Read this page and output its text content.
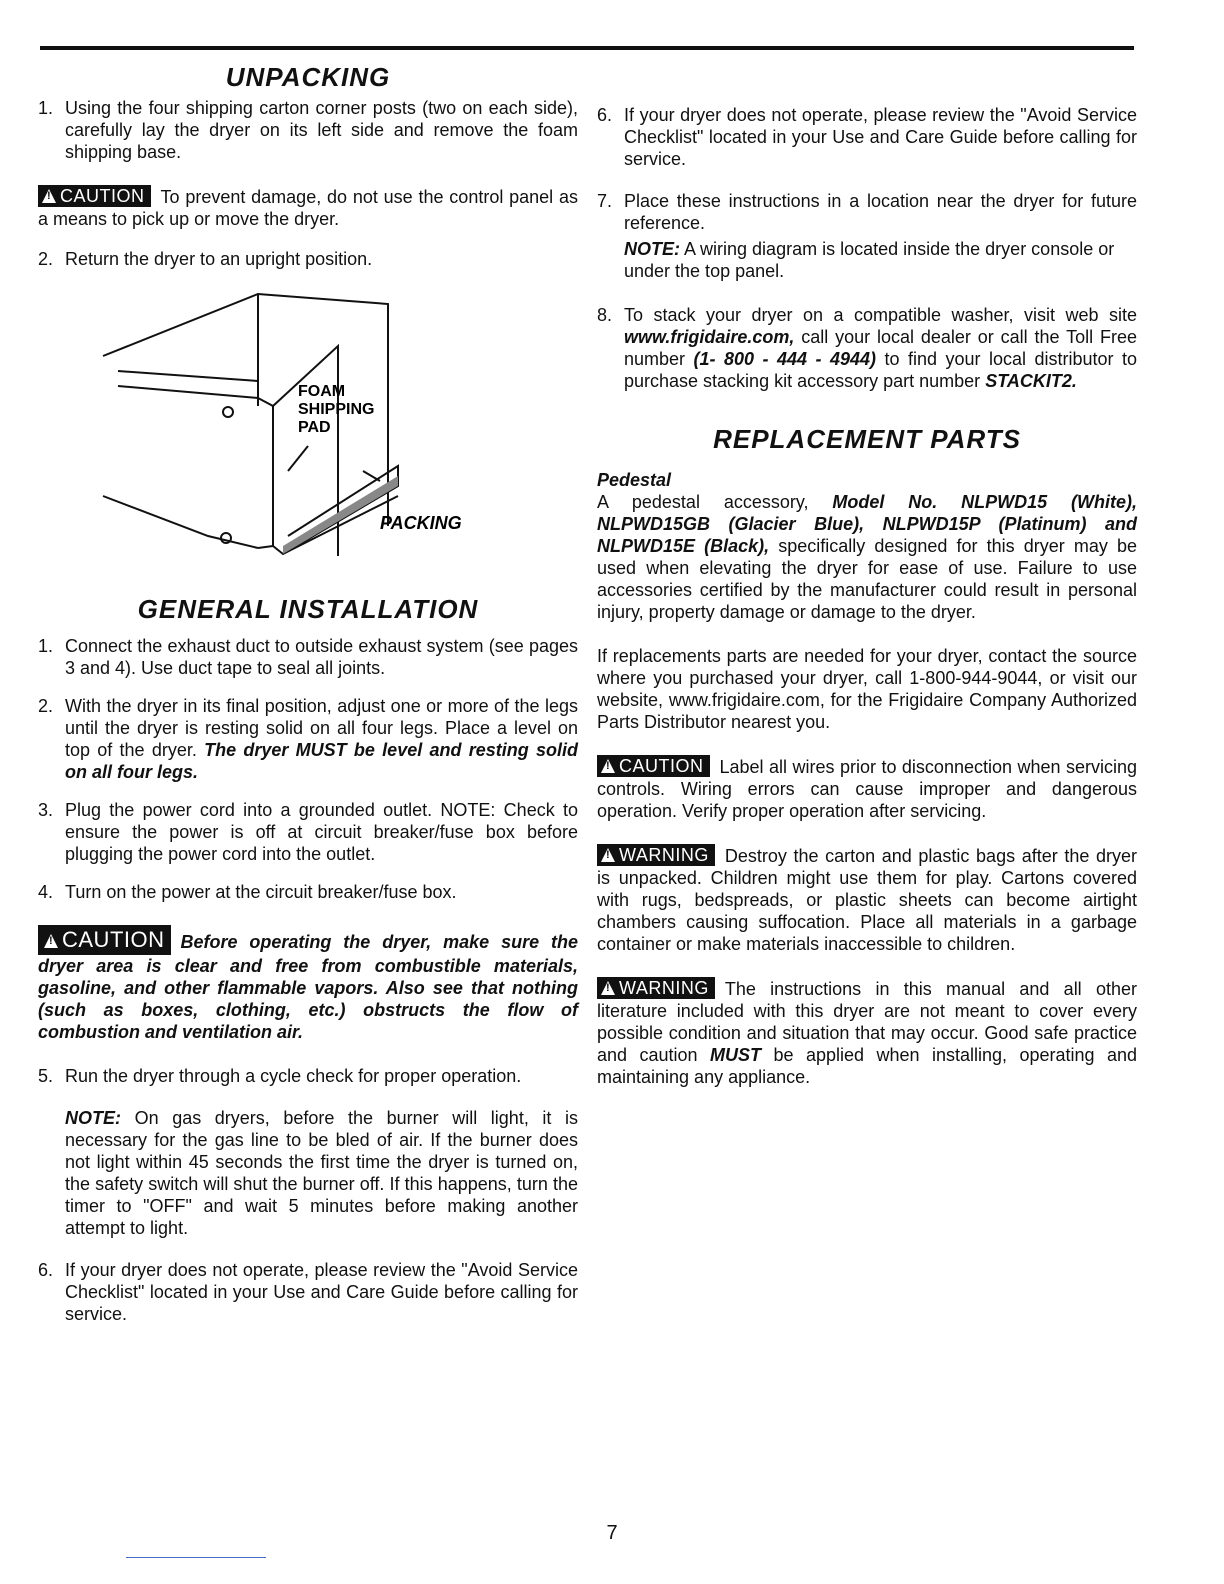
UNPACKING
1. Using the four shipping carton corner posts (two on each side), carefully lay the dryer on its left side and remove the foam shipping base.

!CAUTION To prevent damage, do not use the control panel as a means to pick up or move the dryer.

2. Return the dryer to an upright position.
FOAM
SHIPPING
PAD
PACKING
GENERAL INSTALLATION
1. Connect the exhaust duct to outside exhaust system (see pages 3 and 4). Use duct tape to seal all joints.
2. With the dryer in its final position, adjust one or more of the legs until the dryer is resting solid on all four legs. Place a level on top of the dryer. The dryer MUST be level and resting solid on all four legs.
3. Plug the power cord into a grounded outlet. NOTE: Check to ensure the power is off at circuit breaker/fuse box before plugging the power cord into the outlet.
4. Turn on the power at the circuit breaker/fuse box.

!CAUTION Before operating the dryer, make sure the dryer area is clear and free from combustible materials, gasoline, and other flammable vapors. Also see that nothing (such as boxes, clothing, etc.) obstructs the flow of combustion and ventilation air.

5. Run the dryer through a cycle check for proper operation.

NOTE: On gas dryers, before the burner will light, it is necessary for the gas line to be bled of air. If the burner does not light within 45 seconds the first time the dryer is turned on, the safety switch will shut the burner off. If this happens, turn the timer to "OFF" and wait 5 minutes before making another attempt to light.

6. If your dryer does not operate, please review the "Avoid Service Checklist" located in your Use and Care Guide before calling for service.
6. If your dryer does not operate, please review the "Avoid Service Checklist" located in your Use and Care Guide before calling for service.
7. Place these instructions in a location near the dryer for future reference.

NOTE: A wiring diagram is located inside the dryer console or under the top panel.

8. To stack your dryer on a compatible washer, visit web site www.frigidaire.com, call your local dealer or call the Toll Free number (1- 800 - 444 - 4944) to find your local distributor to purchase stacking kit accessory part number STACKIT2.
REPLACEMENT PARTS
Pedestal

A pedestal accessory, Model No. NLPWD15 (White), NLPWD15GB (Glacier Blue), NLPWD15P (Platinum) and NLPWD15E (Black), specifically designed for this dryer may be used when elevating the dryer for ease of use. Failure to use accessories certified by the manufacturer could result in personal injury, property damage or damage to the dryer.

If replacements parts are needed for your dryer, contact the source where you purchased your dryer, call 1-800-944-9044, or visit our website, www.frigidaire.com, for the Frigidaire Company Authorized Parts Distributor nearest you.

!CAUTION Label all wires prior to disconnection when servicing controls. Wiring errors can cause improper and dangerous operation. Verify proper operation after servicing.

!WARNING Destroy the carton and plastic bags after the dryer is unpacked. Children might use them for play. Cartons covered with rugs, bedspreads, or plastic sheets can become airtight chambers causing suffocation. Place all materials in a garbage container or make materials inaccessible to children.

!WARNING The instructions in this manual and all other literature included with this dryer are not meant to cover every possible condition and situation that may occur. Good safe practice and caution MUST be applied when installing, operating and maintaining any appliance.

7
